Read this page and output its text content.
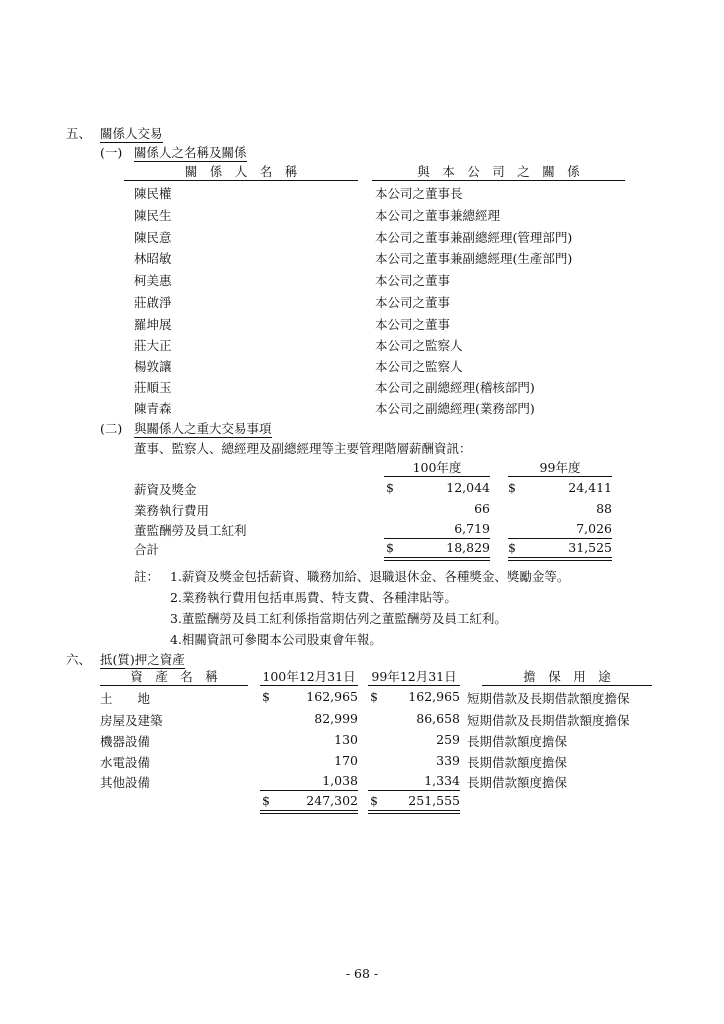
五、 關係人交易
(一) 關係人之名稱及關係
關　係　人　名　稱	與　本　公　司　之　關　係
陳民權	本公司之董事長
陳民生	本公司之董事兼總經理
陳民意	本公司之董事兼副總經理(管理部門)
林昭敏	本公司之董事兼副總經理(生產部門)
柯美惠	本公司之董事
莊啟淨	本公司之董事
羅坤展	本公司之董事
莊大正	本公司之監察人
楊敦讓	本公司之監察人
莊順玉	本公司之副總經理(稽核部門)
陳青森	本公司之副總經理(業務部門)
(二) 與關係人之重大交易事項
董事、監察人、總經理及副總經理等主要管理階層薪酬資訊：
100年度	99年度
薪資及獎金	$	12,044 $	24,411
業務執行費用	66	88
董監酬勞及員工紅利	6,719	7,026
合計	$	18,829 $	31,525
註： 1.薪資及獎金包括薪資、職務加給、退職退休金、各種獎金、獎勵金等。
2.業務執行費用包括車馬費、特支費、各種津貼等。
3.董監酬勞及員工紅利係指當期估列之董監酬勞及員工紅利。
4.相關資訊可參閱本公司股東會年報。
六、 抵(質)押之資產
資　產　名　稱	100年12月31日 99年12月31日	擔　保　用　途
土　　地	$	162,965 $	162,965 短期借款及長期借款額度擔保
房屋及建築	82,999	86,658 短期借款及長期借款額度擔保
機器設備	130	259 長期借款額度擔保
水電設備	170	339 長期借款額度擔保
其他設備	1,038	1,334 長期借款額度擔保
$	247,302 $	251,555
- 68 -
